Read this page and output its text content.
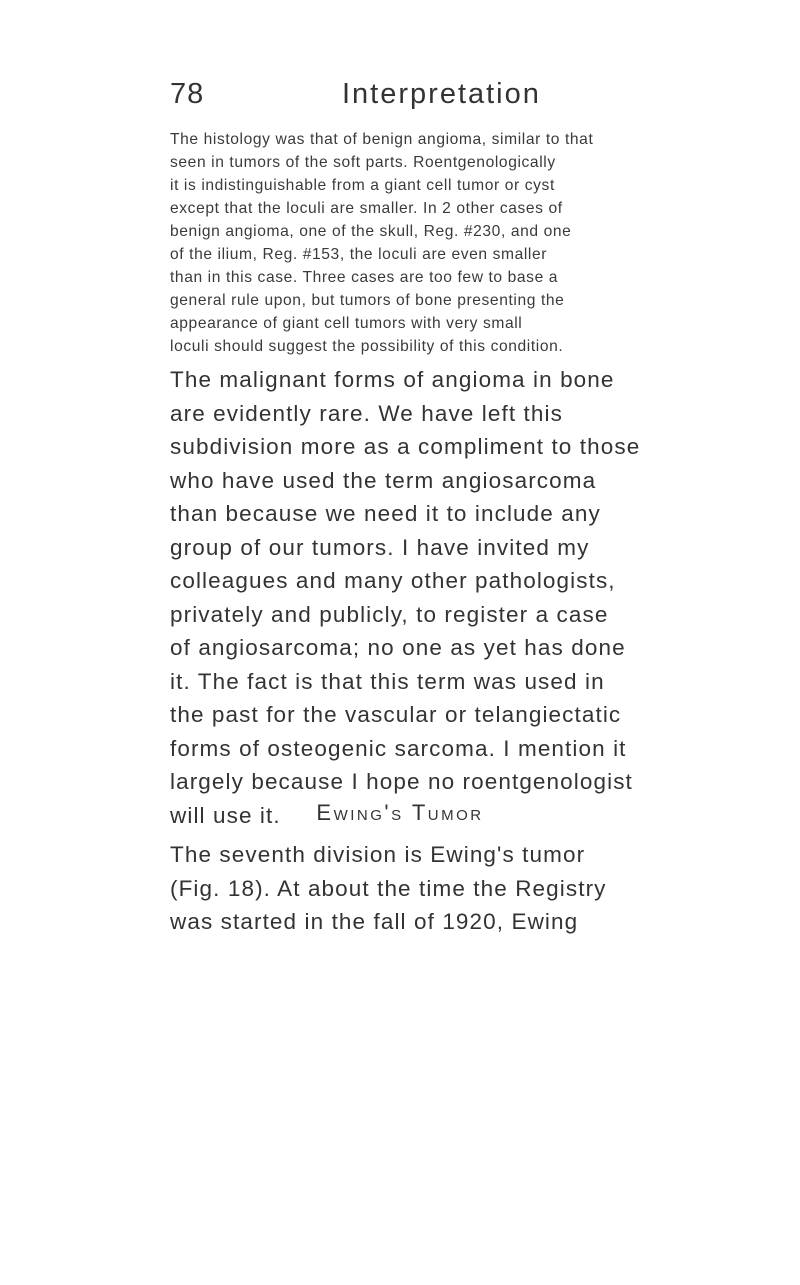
78	Interpretation
The histology was that of benign angioma, similar to that
seen in tumors of the soft parts. Roentgenologically
it is indistinguishable from a giant cell tumor or cyst
except that the loculi are smaller. In 2 other cases of
benign angioma, one of the skull, Reg. #230, and one
of the ilium, Reg. #153, the loculi are even smaller
than in this case. Three cases are too few to base a
general rule upon, but tumors of bone presenting the
appearance of giant cell tumors with very small
loculi should suggest the possibility of this condition.
The malignant forms of angioma in bone
are evidently rare. We have left this
subdivision more as a compliment to those
who have used the term angiosarcoma
than because we need it to include any
group of our tumors. I have invited my
colleagues and many other pathologists,
privately and publicly, to register a case
of angiosarcoma; no one as yet has done
it. The fact is that this term was used in
the past for the vascular or telangiectatic
forms of osteogenic sarcoma. I mention it
largely because I hope no roentgenologist
will use it.	Ewing's Tumor
The seventh division is Ewing's tumor
(Fig. 18). At about the time the Registry
was started in the fall of 1920, Ewing
